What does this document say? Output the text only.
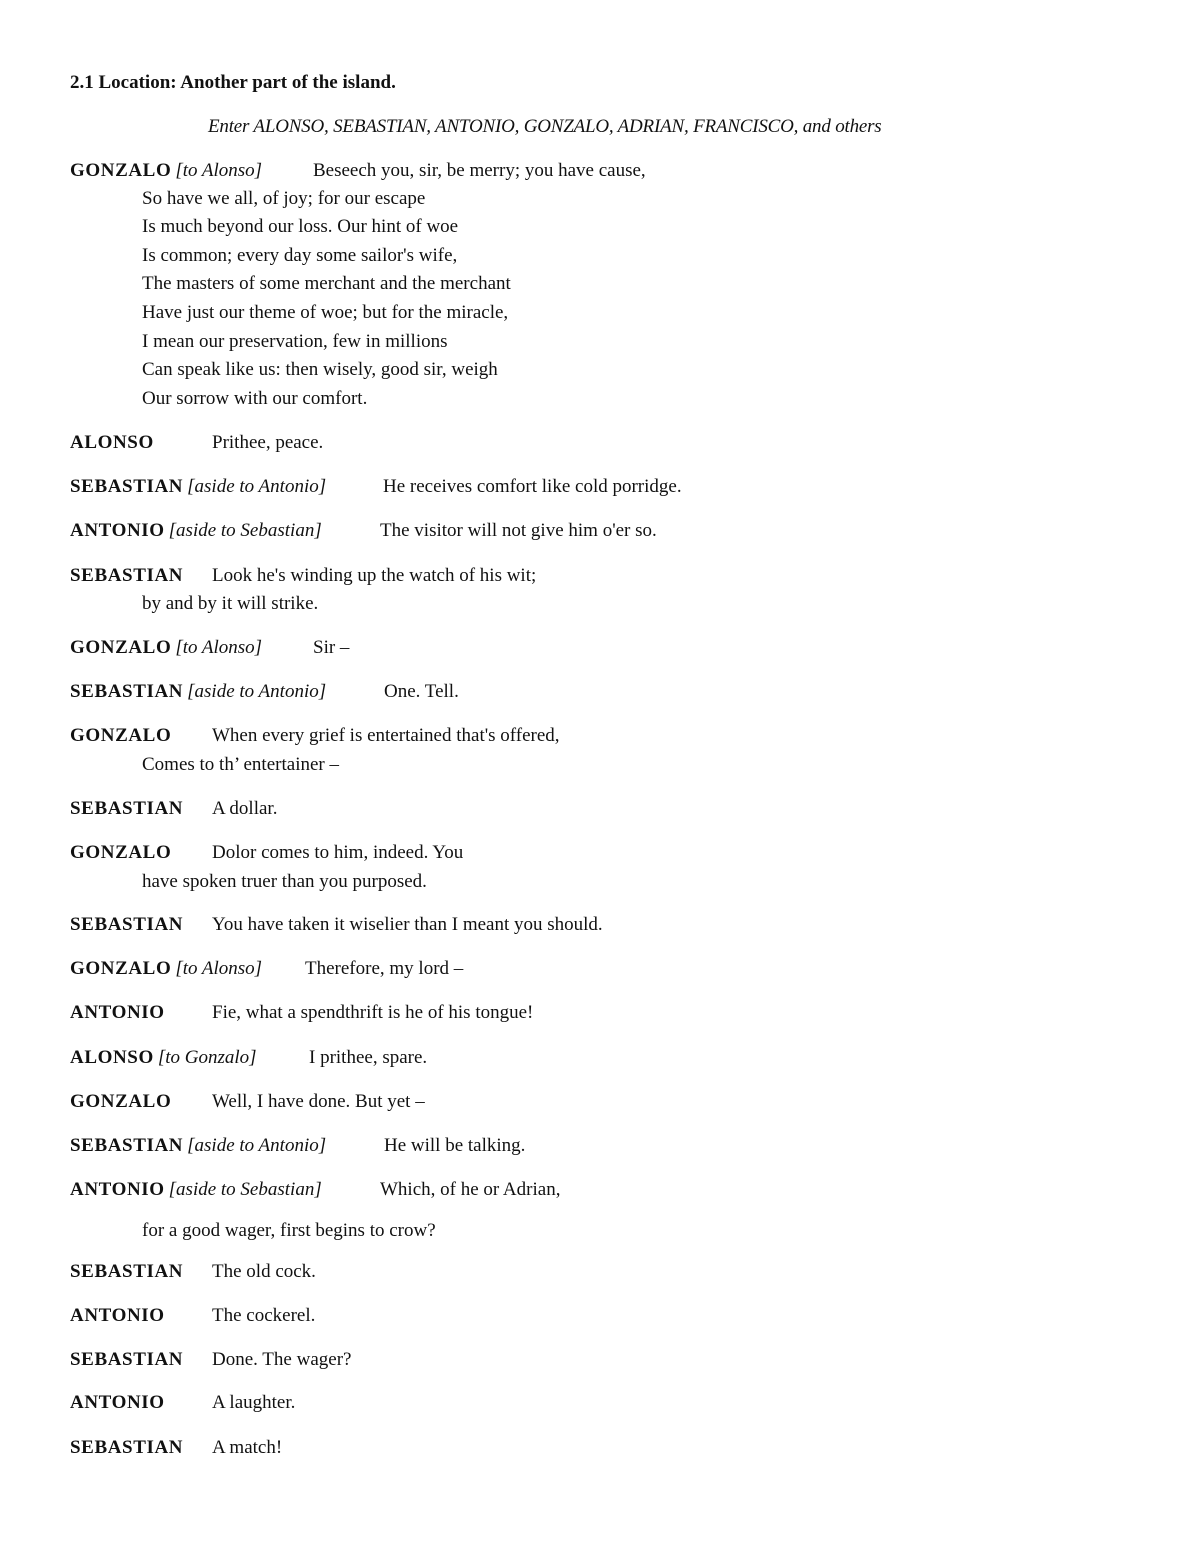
2.1 Location: Another part of the island.
Enter ALONSO, SEBASTIAN, ANTONIO, GONZALO, ADRIAN, FRANCISCO, and others
GONZALO [to Alonso]	Beseech you, sir, be merry; you have cause,
So have we all, of joy; for our escape
Is much beyond our loss. Our hint of woe
Is common; every day some sailor's wife,
The masters of some merchant and the merchant
Have just our theme of woe; but for the miracle,
I mean our preservation, few in millions
Can speak like us: then wisely, good sir, weigh
Our sorrow with our comfort.
ALONSO	Prithee, peace.
SEBASTIAN [aside to Antonio]	He receives comfort like cold porridge.
ANTONIO [aside to Sebastian]	The visitor will not give him o'er so.
SEBASTIAN Look he's winding up the watch of his wit;
by and by it will strike.
GONZALO [to Alonso]	Sir –
SEBASTIAN [aside to Antonio]	One. Tell.
GONZALO When every grief is entertained that's offered,
Comes to th’ entertainer –
SEBASTIAN A dollar.
GONZALO Dolor comes to him, indeed. You
have spoken truer than you purposed.
SEBASTIAN You have taken it wiselier than I meant you should.
GONZALO [to Alonso] Therefore, my lord –
ANTONIO Fie, what a spendthrift is he of his tongue!
ALONSO [to Gonzalo]	I prithee, spare.
GONZALO Well, I have done. But yet –
SEBASTIAN [aside to Antonio]	He will be talking.
ANTONIO [aside to Sebastian]	Which, of he or Adrian,
for a good wager, first begins to crow?
SEBASTIAN The old cock.
ANTONIO The cockerel.
SEBASTIAN Done. The wager?
ANTONIO A laughter.
SEBASTIAN A match!
